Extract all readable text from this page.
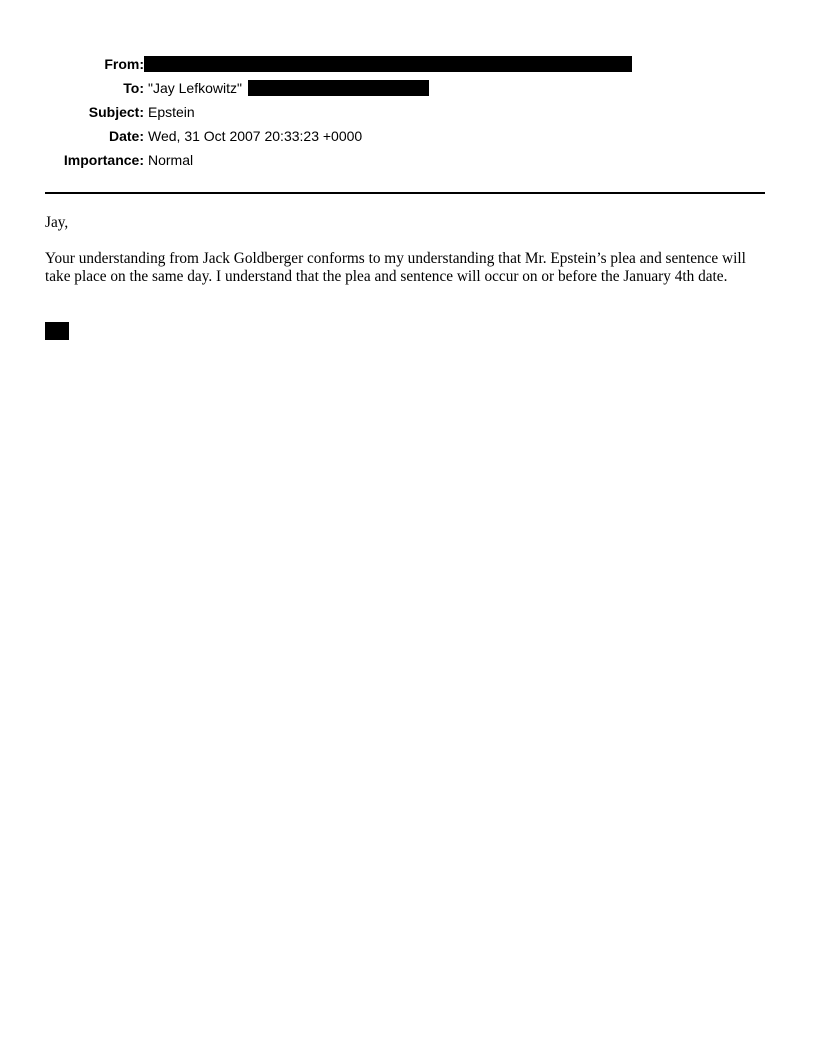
From:
To: "Jay Lefkowitz"
Subject: Epstein
Date: Wed, 31 Oct 2007 20:33:23 +0000
Importance: Normal

Jay,

Your understanding from Jack Goldberger conforms to my understanding that Mr. Epstein’s plea and sentence will take place on the same day. I understand that the plea and sentence will occur on or before the January 4th date.
